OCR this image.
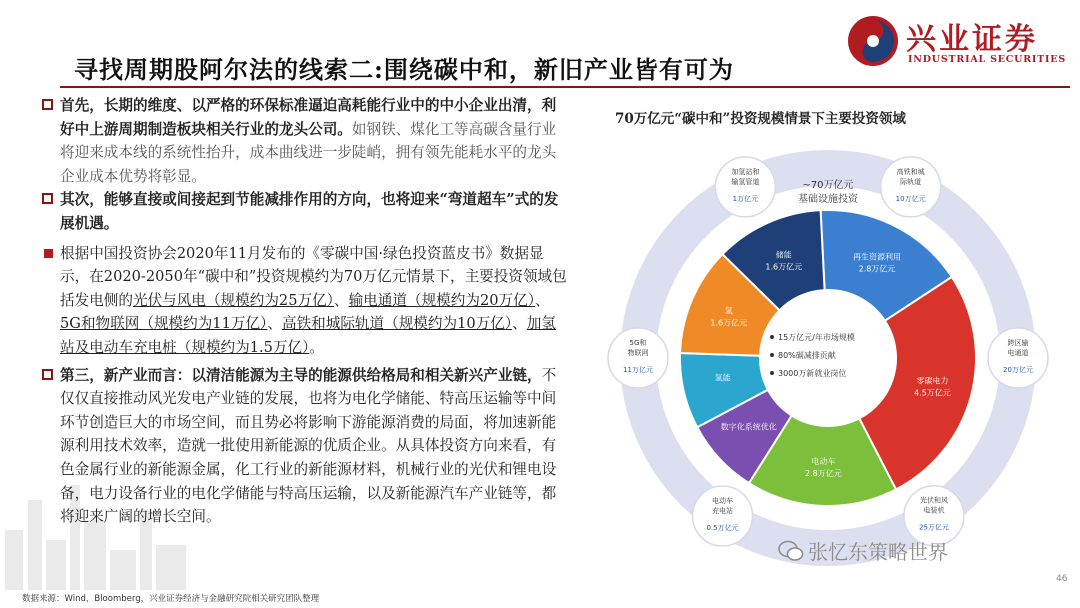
寻找周期股阿尔法的线索二:围绕碳中和，新旧产业皆有可为
兴业证券
INDUSTRIAL SECURITIES
首先，长期的维度、以严格的环保标准逼迫高耗能行业中的中小企业出清，利好中上游周期制造板块相关行业的龙头公司。如钢铁、煤化工等高碳含量行业将迎来成本线的系统性抬升，成本曲线进一步陡峭，拥有领先能耗水平的龙头企业成本优势将彰显。
其次，能够直接或间接起到节能减排作用的方向，也将迎来“弯道超车”式的发展机遇。
根据中国投资协会2020年11月发布的《零碳中国·绿色投资蓝皮书》数据显示，在2020-2050年“碳中和”投资规模约为70万亿元情景下，主要投资领域包括发电侧的光伏与风电（规模约为25万亿）、输电通道（规模约为20万亿）、5G和物联网（规模约为11万亿）、高铁和城际轨道（规模约为10万亿）、加氢站及电动车充电桩（规模约为1.5万亿）。
第三，新产业而言：以清洁能源为主导的能源供给格局和相关新兴产业链，不仅仅直接推动风光发电产业链的发展，也将为电化学储能、特高压运输等中间环节创造巨大的市场空间，而且势必将影响下游能源消费的局面，将加速新能源利用技术效率，造就一批使用新能源的优质企业。从具体投资方向来看，有色金属行业的新能源金属，化工行业的新能源材料，机械行业的光伏和锂电设备，电力设备行业的电化学储能与特高压运输，以及新能源汽车产业链等，都将迎来广阔的增长空间。
70万亿元“碳中和”投资规模情景下主要投资领域
~70万亿元
基础设施投资
再生资源利用
2.8万亿元
零碳电力
4.5万亿元
电动车
2.8万亿元
数字化系统优化
氢能
氢
1.6万亿元
储能
1.6万亿元
15万亿元/年市场规模
80%碳减排贡献
3000万新就业岗位
加氢站和
输氢管道
1万亿元
高铁和城
际轨道
10万亿元
跨区输
电通道
20万亿元
光伏和风
电装机
25万亿元
电动车
充电站
0.5万亿元
5G和
物联网
11万亿元
张忆东策略世界
46
数据来源：Wind，Bloomberg，兴业证券经济与金融研究院相关研究团队整理
